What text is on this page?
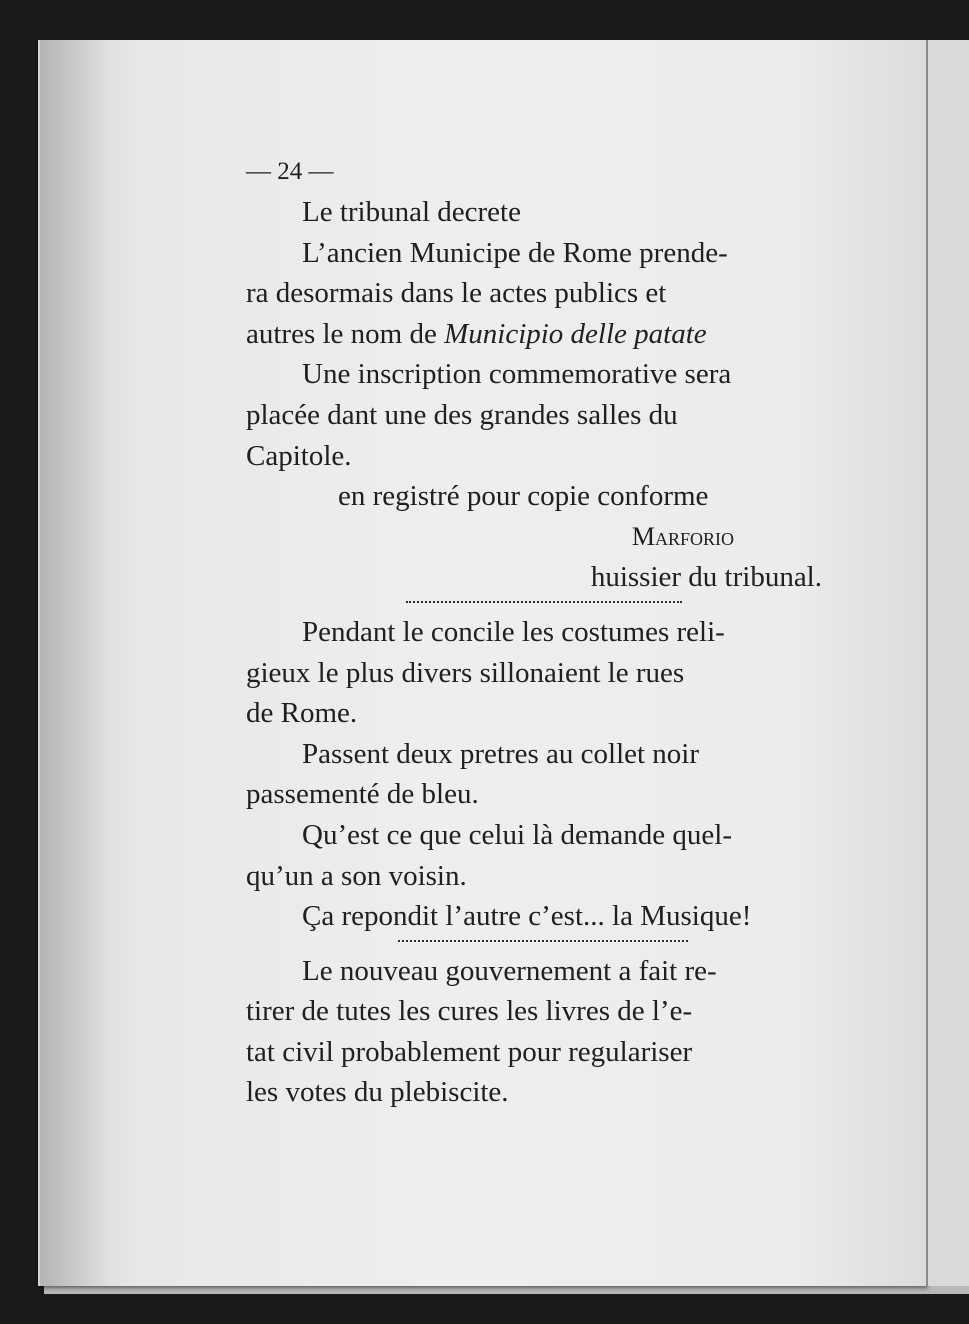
— 24 —

Le tribunal decrete

L’ancien Municipe de Rome prende-

ra desormais dans le actes publics et

autres le nom de Municipio delle patate

Une inscription commemorative sera

placée dant une des grandes salles du

Capitole.

en registré pour copie conforme

Marforio

huissier du tribunal.

Pendant le concile les costumes reli-

gieux le plus divers sillonaient le rues

de Rome.

Passent deux pretres au collet noir

passementé de bleu.

Qu’est ce que celui là demande quel-

qu’un a son voisin.

Ça repondit l’autre c’est... la Musique!

Le nouveau gouvernement a fait re-

tirer de tutes les cures les livres de l’e-

tat civil probablement pour regulariser

les votes du plebiscite.
